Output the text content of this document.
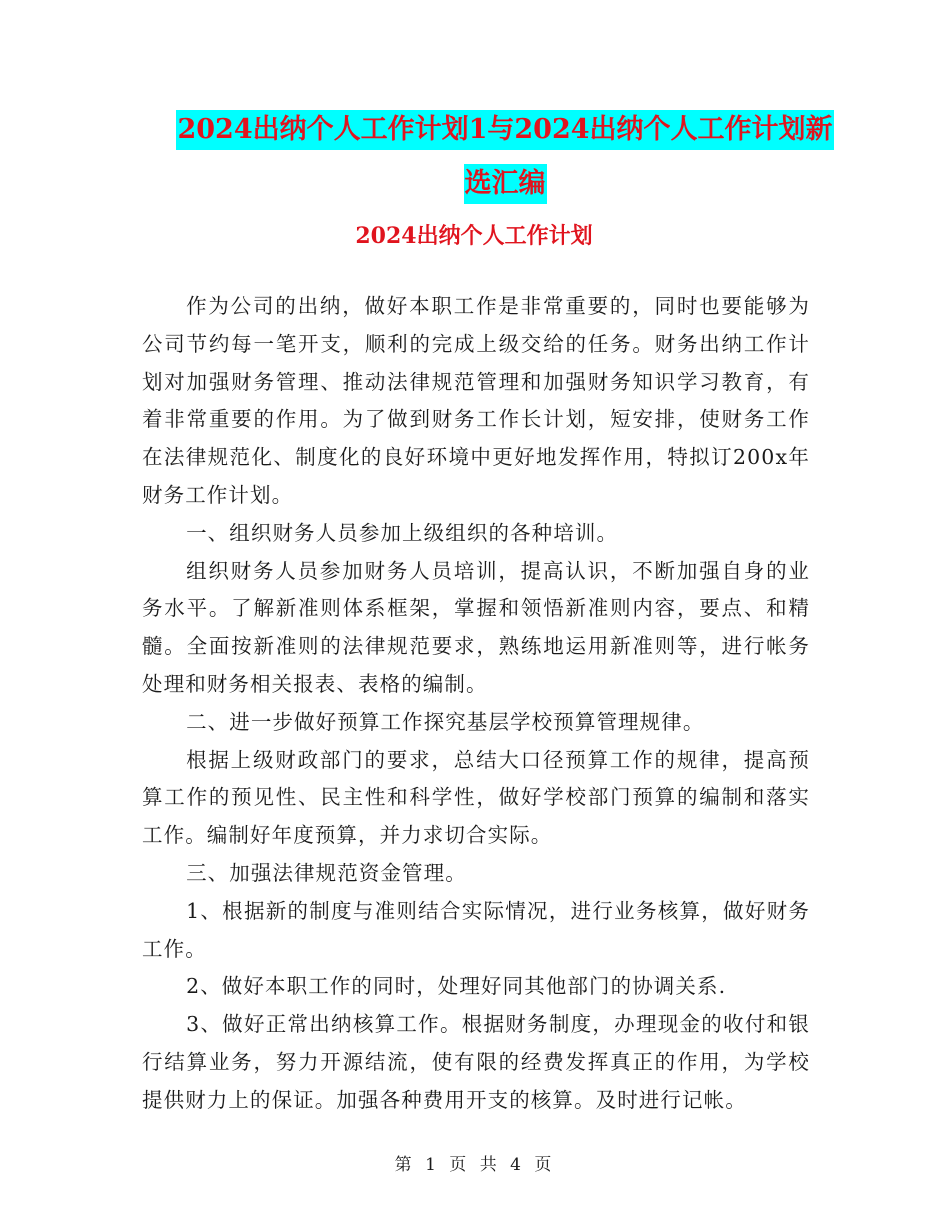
2024出纳个人工作计划1与2024出纳个人工作计划新
选汇编
2024出纳个人工作计划

作为公司的出纳，做好本职工作是非常重要的，同时也要能够为公司节约每一笔开支，顺利的完成上级交给的任务。财务出纳工作计划对加强财务管理、推动法律规范管理和加强财务知识学习教育，有着非常重要的作用。为了做到财务工作长计划，短安排，使财务工作在法律规范化、制度化的良好环境中更好地发挥作用，特拟订200x年财务工作计划。

一、组织财务人员参加上级组织的各种培训。

组织财务人员参加财务人员培训，提高认识，不断加强自身的业务水平。了解新准则体系框架，掌握和领悟新准则内容，要点、和精髓。全面按新准则的法律规范要求，熟练地运用新准则等，进行帐务处理和财务相关报表、表格的编制。

二、进一步做好预算工作探究基层学校预算管理规律。

根据上级财政部门的要求，总结大口径预算工作的规律，提高预算工作的预见性、民主性和科学性，做好学校部门预算的编制和落实工作。编制好年度预算，并力求切合实际。

三、加强法律规范资金管理。

1、根据新的制度与准则结合实际情况，进行业务核算，做好财务工作。

2、做好本职工作的同时，处理好同其他部门的协调关系.

3、做好正常出纳核算工作。根据财务制度，办理现金的收付和银行结算业务，努力开源结流，使有限的经费发挥真正的作用，为学校提供财力上的保证。加强各种费用开支的核算。及时进行记帐。

第 1 页 共 4 页
